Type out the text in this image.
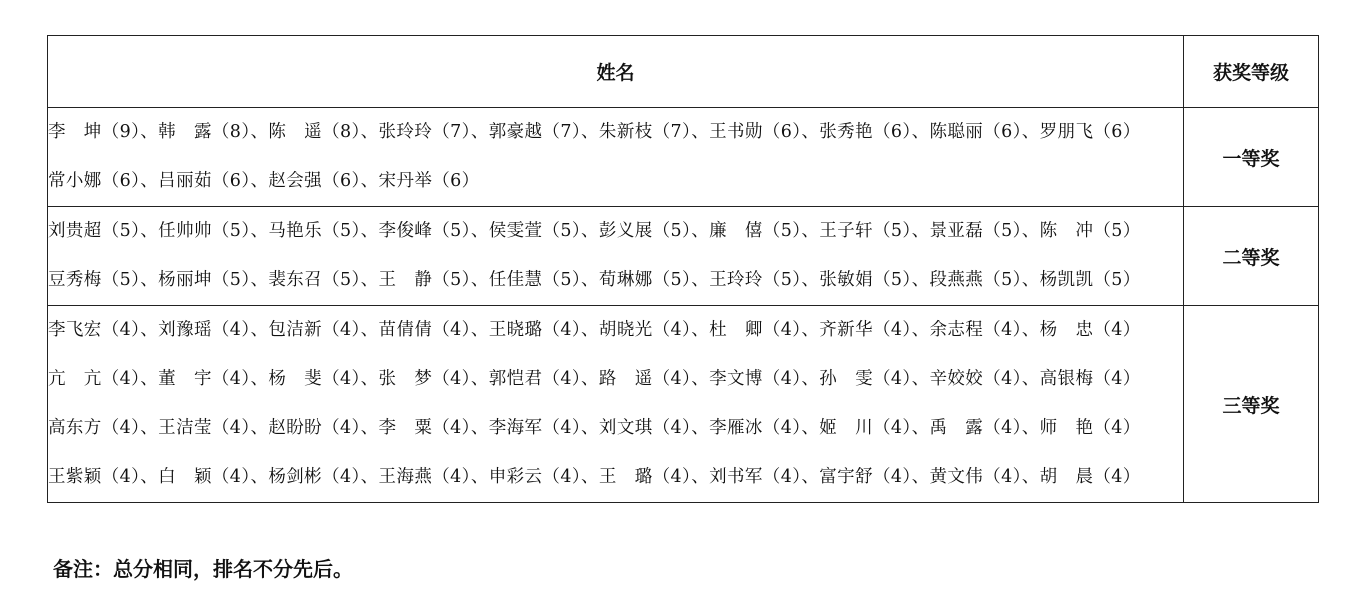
姓名	获奖等级

李　坤（9）、韩　露（8）、陈　遥（8）、张玲玲（7）、郭豪越（7）、朱新枝（7）、王书勋（6）、张秀艳（6）、陈聪丽（6）、罗朋飞（6）
常小娜（6）、吕丽茹（6）、赵会强（6）、宋丹举（6）	一等奖

刘贵超（5）、任帅帅（5）、马艳乐（5）、李俊峰（5）、侯雯萱（5）、彭义展（5）、廉　僖（5）、王子轩（5）、景亚磊（5）、陈　冲（5）
豆秀梅（5）、杨丽坤（5）、裴东召（5）、王　静（5）、任佳慧（5）、荀琳娜（5）、王玲玲（5）、张敏娟（5）、段燕燕（5）、杨凯凯（5）	二等奖

李飞宏（4）、刘豫瑶（4）、包洁新（4）、苗倩倩（4）、王晓璐（4）、胡晓光（4）、杜　卿（4）、齐新华（4）、余志程（4）、杨　忠（4）
亢　亢（4）、董　宇（4）、杨　斐（4）、张　梦（4）、郭恺君（4）、路　遥（4）、李文博（4）、孙　雯（4）、辛姣姣（4）、高银梅（4）
高东方（4）、王洁莹（4）、赵盼盼（4）、李　粟（4）、李海军（4）、刘文琪（4）、李雁冰（4）、姬　川（4）、禹　露（4）、师　艳（4）
王紫颖（4）、白　颖（4）、杨剑彬（4）、王海燕（4）、申彩云（4）、王　璐（4）、刘书军（4）、富宇舒（4）、黄文伟（4）、胡　晨（4）	三等奖
备注：总分相同，排名不分先后。
